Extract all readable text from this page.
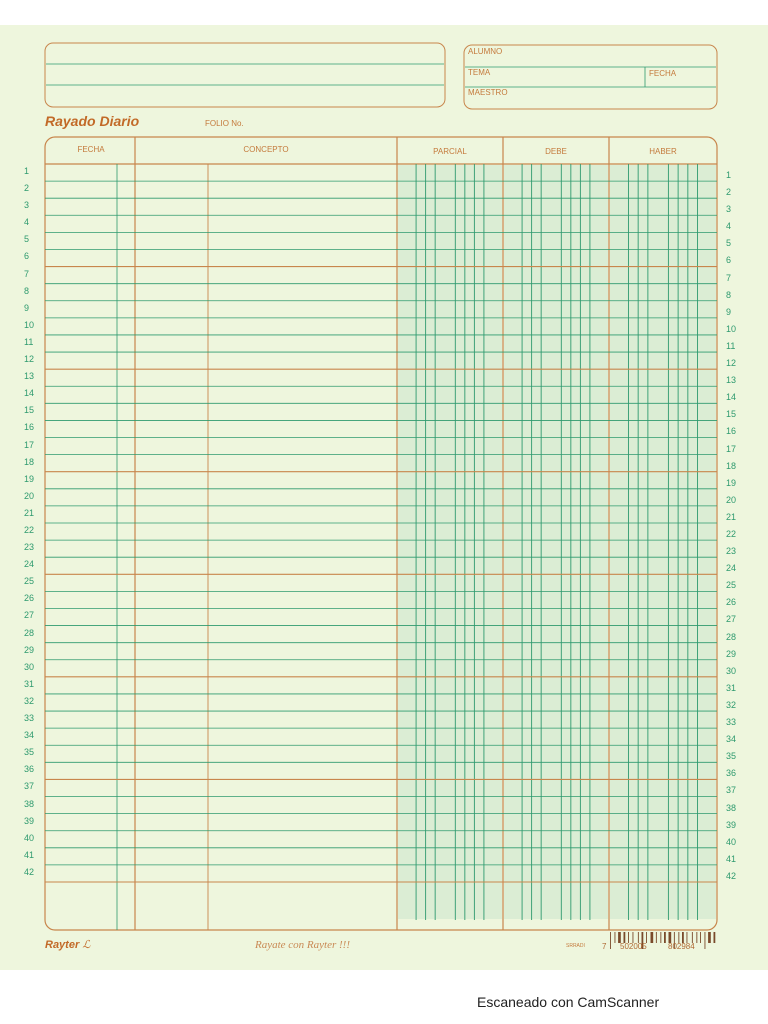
ALUMNO
TEMA	FECHA
MAESTRO
Rayado Diario	FOLIO No.
FECHA	CONCEPTO	PARCIAL	DEBE	HABER
1
2
3
4
5
6
7
8
9
10
11
12
13
14
15
16
17
18
19
20
21
22
23
24
25
26
27
28
29
30
31
32
33
34
35
36
37
38
39
40
41
42
1
2
3
4
5
6
7
8
9
10
11
12
13
14
15
16
17
18
19
20
21
22
23
24
25
26
27
28
29
30
31
32
33
34
35
36
37
38
39
40
41
42
Rayter ℒ	Rayate con Rayter !!!	SRRADI 7 502005	802984
Escaneado con CamScanner
